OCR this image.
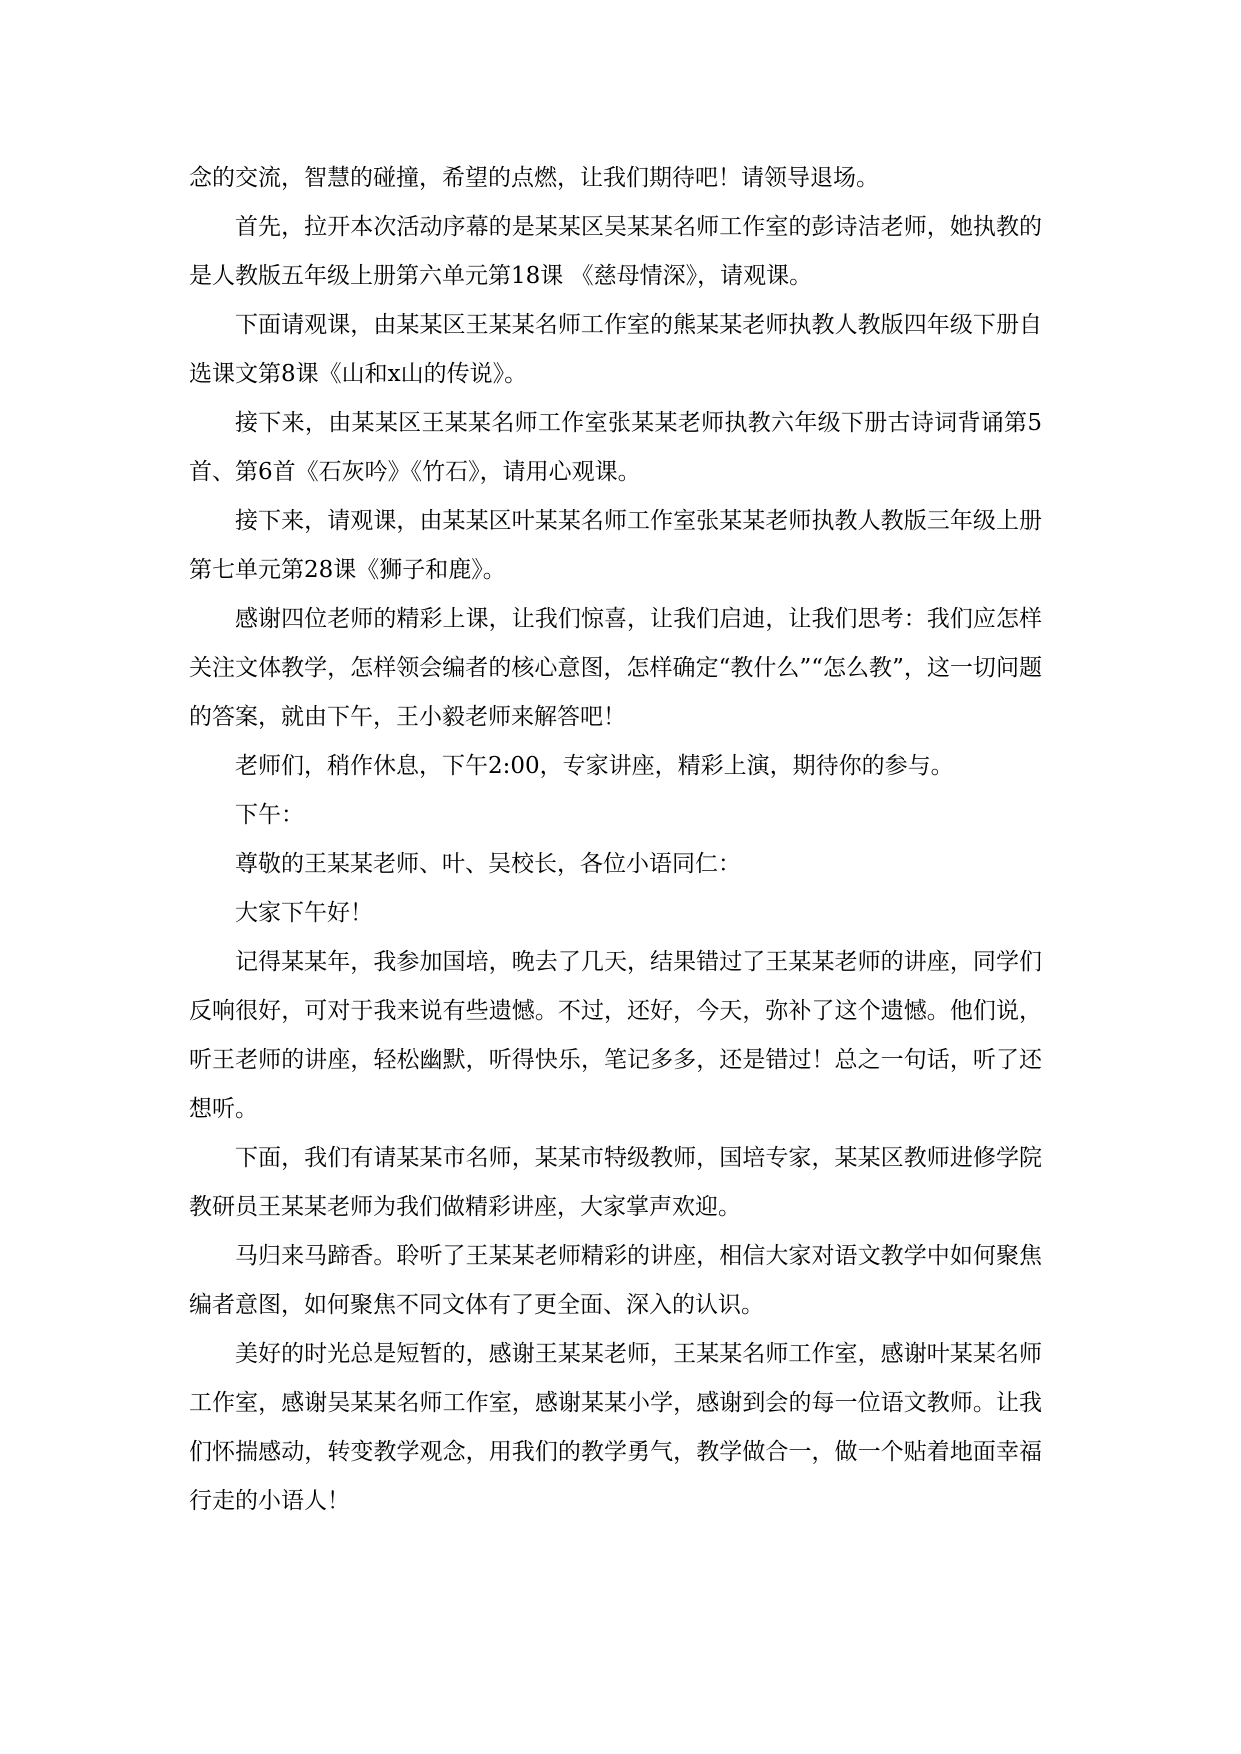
念的交流，智慧的碰撞，希望的点燃，让我们期待吧！请领导退场。

首先，拉开本次活动序幕的是某某区吴某某名师工作室的彭诗洁老师，她执教的是人教版五年级上册第六单元第18课 《慈母情深》，请观课。

下面请观课，由某某区王某某名师工作室的熊某某老师执教人教版四年级下册自选课文第8课《山和x山的传说》。

接下来，由某某区王某某名师工作室张某某老师执教六年级下册古诗词背诵第5首、第6首《石灰吟》《竹石》，请用心观课。

接下来，请观课，由某某区叶某某名师工作室张某某老师执教人教版三年级上册第七单元第28课《狮子和鹿》。

感谢四位老师的精彩上课，让我们惊喜，让我们启迪，让我们思考：我们应怎样关注文体教学，怎样领会编者的核心意图，怎样确定“教什么”“怎么教”，这一切问题的答案，就由下午，王小毅老师来解答吧！

老师们，稍作休息，下午2:00，专家讲座，精彩上演，期待你的参与。

下午：

尊敬的王某某老师、叶、吴校长，各位小语同仁：

大家下午好！

记得某某年，我参加国培，晚去了几天，结果错过了王某某老师的讲座，同学们反响很好，可对于我来说有些遗憾。不过，还好，今天，弥补了这个遗憾。他们说，听王老师的讲座，轻松幽默，听得快乐，笔记多多，还是错过！总之一句话，听了还想听。

下面，我们有请某某市名师，某某市特级教师，国培专家，某某区教师进修学院教研员王某某老师为我们做精彩讲座，大家掌声欢迎。

马归来马蹄香。聆听了王某某老师精彩的讲座，相信大家对语文教学中如何聚焦编者意图，如何聚焦不同文体有了更全面、深入的认识。

美好的时光总是短暂的，感谢王某某老师，王某某名师工作室，感谢叶某某名师工作室，感谢吴某某名师工作室，感谢某某小学，感谢到会的每一位语文教师。让我们怀揣感动，转变教学观念，用我们的教学勇气，教学做合一，做一个贴着地面幸福行走的小语人！
